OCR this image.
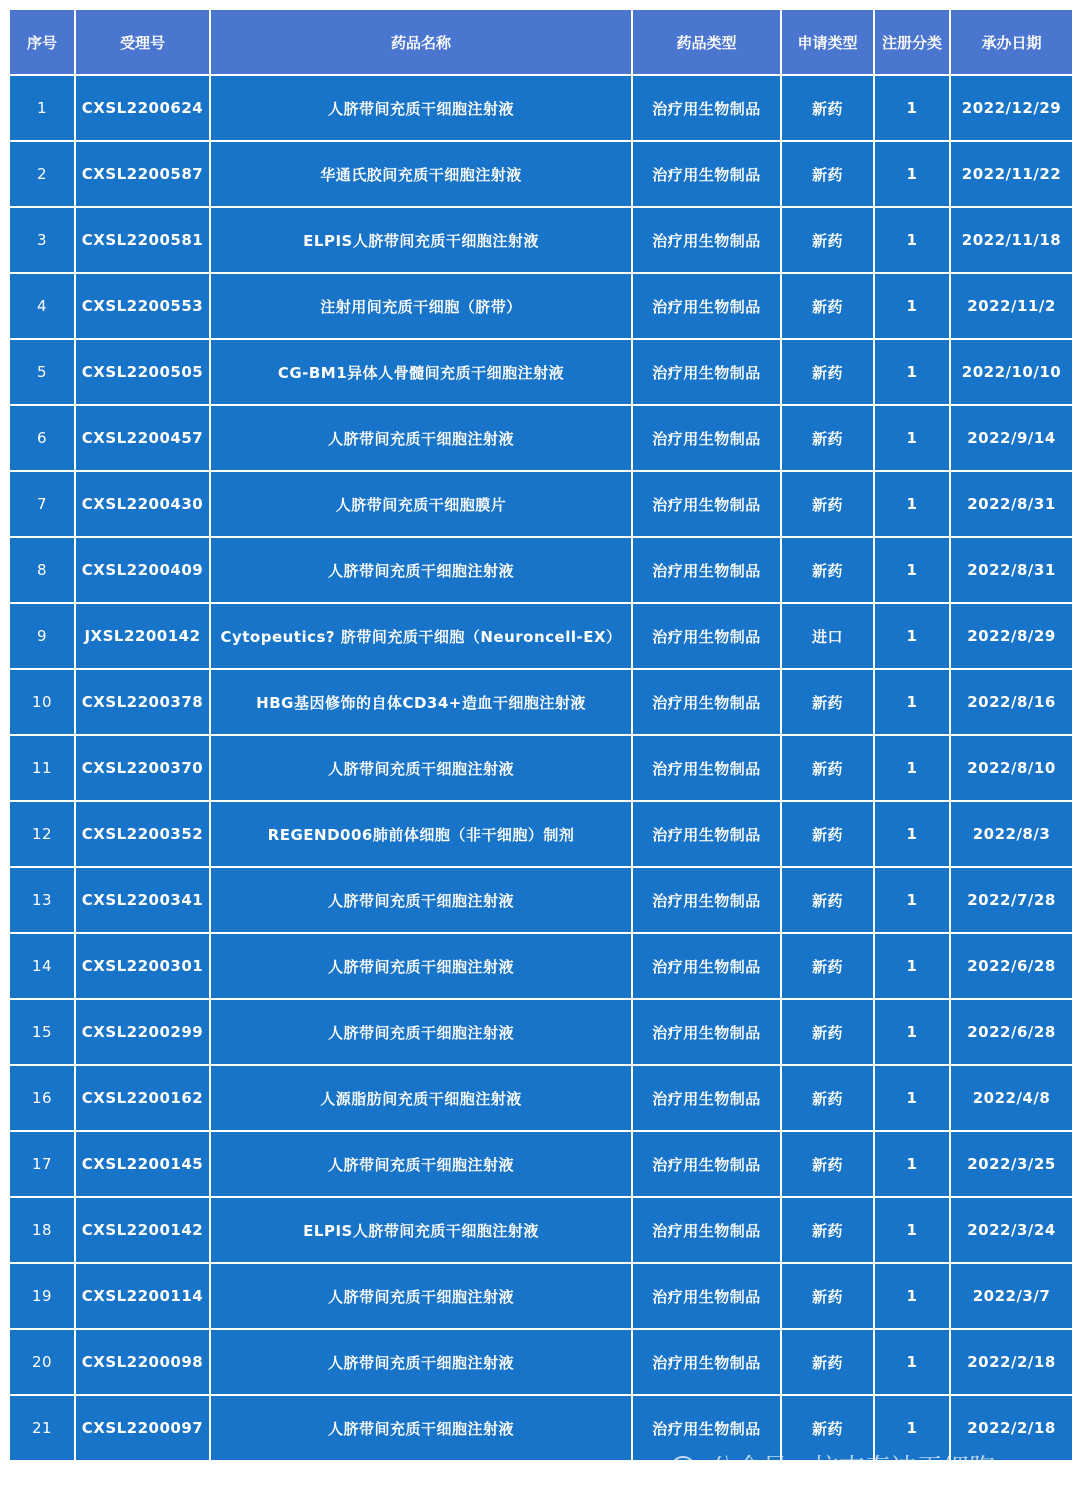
序号	受理号	药品名称	药品类型	申请类型	注册分类	承办日期
1	CXSL2200624	人脐带间充质干细胞注射液	治疗用生物制品	新药	1	2022/12/29
2	CXSL2200587	华通氏胶间充质干细胞注射液	治疗用生物制品	新药	1	2022/11/22
3	CXSL2200581	ELPIS人脐带间充质干细胞注射液	治疗用生物制品	新药	1	2022/11/18
4	CXSL2200553	注射用间充质干细胞（脐带）	治疗用生物制品	新药	1	2022/11/2
5	CXSL2200505	CG-BM1异体人骨髓间充质干细胞注射液	治疗用生物制品	新药	1	2022/10/10
6	CXSL2200457	人脐带间充质干细胞注射液	治疗用生物制品	新药	1	2022/9/14
7	CXSL2200430	人脐带间充质干细胞膜片	治疗用生物制品	新药	1	2022/8/31
8	CXSL2200409	人脐带间充质干细胞注射液	治疗用生物制品	新药	1	2022/8/31
9	JXSL2200142	Cytopeutics? 脐带间充质干细胞（Neuroncell-EX）	治疗用生物制品	进口	1	2022/8/29
10	CXSL2200378	HBG基因修饰的自体CD34+造血干细胞注射液	治疗用生物制品	新药	1	2022/8/16
11	CXSL2200370	人脐带间充质干细胞注射液	治疗用生物制品	新药	1	2022/8/10
12	CXSL2200352	REGEND006肺前体细胞（非干细胞）制剂	治疗用生物制品	新药	1	2022/8/3
13	CXSL2200341	人脐带间充质干细胞注射液	治疗用生物制品	新药	1	2022/7/28
14	CXSL2200301	人脐带间充质干细胞注射液	治疗用生物制品	新药	1	2022/6/28
15	CXSL2200299	人脐带间充质干细胞注射液	治疗用生物制品	新药	1	2022/6/28
16	CXSL2200162	人源脂肪间充质干细胞注射液	治疗用生物制品	新药	1	2022/4/8
17	CXSL2200145	人脐带间充质干细胞注射液	治疗用生物制品	新药	1	2022/3/25
18	CXSL2200142	ELPIS人脐带间充质干细胞注射液	治疗用生物制品	新药	1	2022/3/24
19	CXSL2200114	人脐带间充质干细胞注射液	治疗用生物制品	新药	1	2022/3/7
20	CXSL2200098	人脐带间充质干细胞注射液	治疗用生物制品	新药	1	2022/2/18
21	CXSL2200097	人脐带间充质干细胞注射液	治疗用生物制品	新药	1	2022/2/18
公众号 · 杭吉泰迪干细胞
